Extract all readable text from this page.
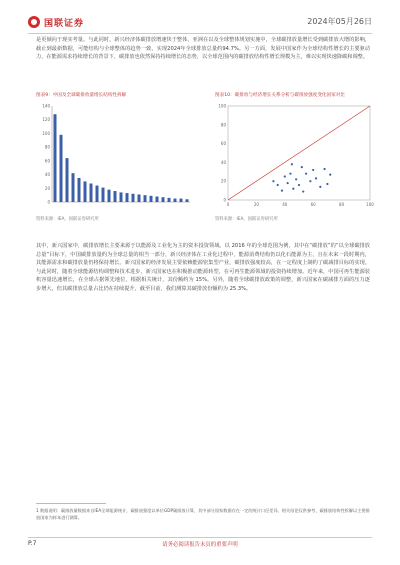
国联证券	2024年05月26日
是更倾向于现实考量。与此同时，新兴经济体碳排放增速快于整体，亚洲在以及全球整体规划实施中，全球碳排放量增长受到碳排放大增的影响，截止到最新数据，可能结构与全球整体的趋势一致，实现2024年全球排放总量约94.7%。另一方面，发展中国家作为全球结构性增长的主要驱动力，在能源需求持续增长的背景下，碳排放也依然保持持续增长的态势，以全球范围内的碳排放结构性增长规模为主，难以实现快速降碳和调整。
图表9：中国及全球碳排放量增长结构性拆解	图表10：碳排放与经济增长关系分析与碳排放强度变化国家对比
140
120
100
80
60
40
20
0
100
80
60
40
20
0
0	20	40	60	80	100
资料来源：IEA，国联证券研究所	资料来源：IEA，国联证券研究所
其中，新兴国家中，碳排放增长主要来源于以能源及工业化为主的资本投资领域。以 2016 年的全球范围为例，其中在“碳排放”的“以全球碳排放总量”目标下，中国碳排放量约为全球总量的相当一部分，新兴经济体在工业化过程中，能源消费结构仍以化石能源为主，且在未来一段时期内，其能源需求和碳排放量仍将保持增长。新兴国家的经济发展主要依赖能源密集型产业，碳排放强度较高，在一定程度上制约了碳减排目标的实现。与此同时，随着全球能源结构调整和技术进步，新兴国家也在积极推动能源转型，在可再生能源领域的投资持续增加。近年来，中国可再生能源装机容量迅速增长，在全球占据领先地位，根据相关统计，其份额约为 15%。另外，随着全球碳排放政策的调整，新兴国家在碳减排方面的压力逐步增大，但其碳排放总量占比仍在持续提升，截至目前，我们测算其碳排放份额约为 25.3%。
1 数据说明：碳排放量数据来自IEA全球能源统计，碳排放强度以单位GDP碳排放计算，其中部分国家数据存在一定的统计口径差异，相关结论仅供参考，碳排放结构性拆解以主要排放国家为样本进行测算。
P.7	请务必阅读报告末页的重要声明
